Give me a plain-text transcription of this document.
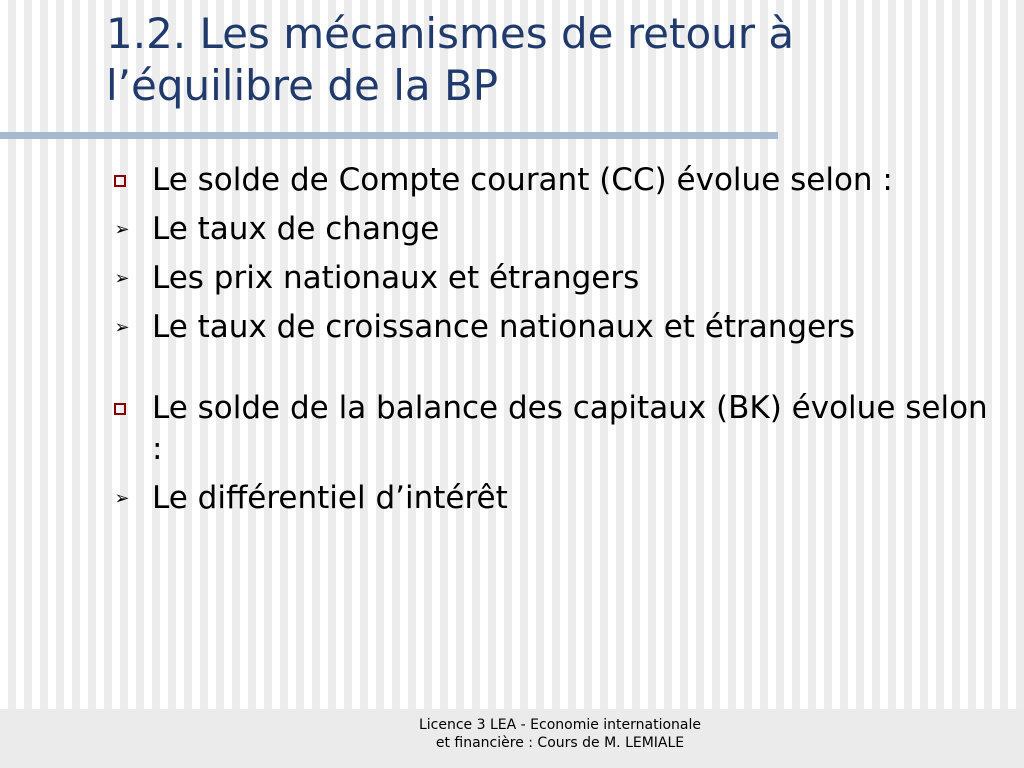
1.2. Les mécanismes de retour à
l’équilibre de la BP
Le solde de Compte courant (CC) évolue selon :
➢ Le taux de change
➢ Les prix nationaux et étrangers
➢ Le taux de croissance nationaux et étrangers
Le solde de la balance des capitaux (BK) évolue selon :
➢ Le différentiel d’intérêt
Licence 3 LEA - Economie internationale
et financière : Cours de M. LEMIALE
